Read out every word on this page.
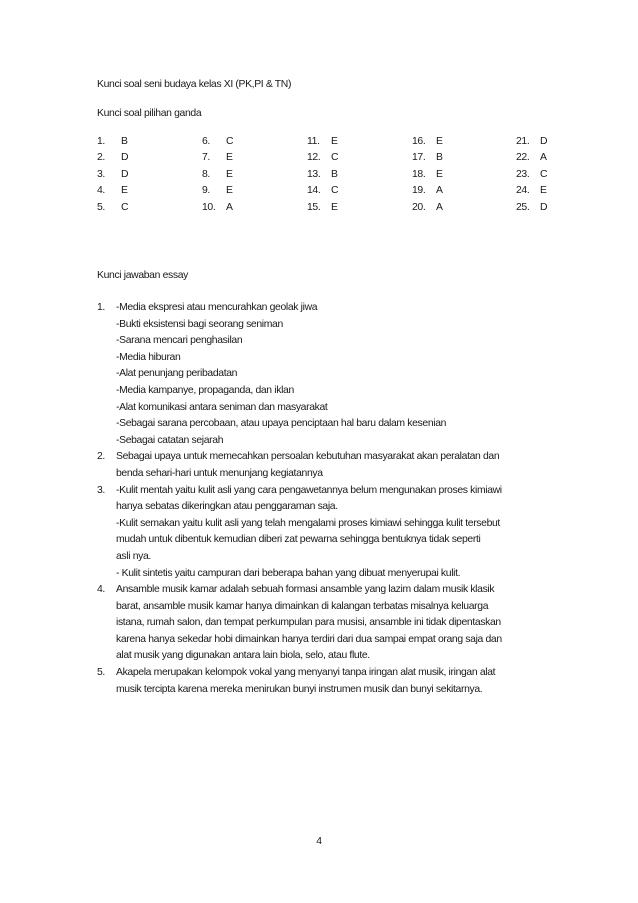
Kunci soal seni budaya kelas XI (PK,PI & TN)
Kunci soal pilihan ganda
1. B
2. D
3. D
4. E
5. C
6. C
7. E
8. E
9. E
10. A
11. E
12. C
13. B
14. C
15. E
16. E
17. B
18. E
19. A
20. A
21. D
22. A
23. C
24. E
25. D
Kunci jawaban essay
1. -Media ekspresi atau mencurahkan geolak jiwa
-Bukti eksistensi bagi seorang seniman
-Sarana mencari penghasilan
-Media hiburan
-Alat penunjang peribadatan
-Media kampanye, propaganda, dan iklan
-Alat komunikasi antara seniman dan masyarakat
-Sebagai sarana percobaan, atau upaya penciptaan hal baru dalam kesenian
-Sebagai catatan sejarah
2. Sebagai upaya untuk memecahkan persoalan kebutuhan masyarakat akan peralatan dan
benda sehari-hari untuk menunjang kegiatannya
3. -Kulit mentah yaitu kulit asli yang cara pengawetannya belum mengunakan proses kimiawi
hanya sebatas dikeringkan atau penggaraman saja.
-Kulit semakan yaitu kulit asli yang telah mengalami proses kimiawi sehingga kulit tersebut
mudah untuk dibentuk kemudian diberi zat pewarna sehingga bentuknya tidak seperti
asli nya.
- Kulit sintetis yaitu campuran dari beberapa bahan yang dibuat menyerupai kulit.
4. Ansamble musik kamar adalah sebuah formasi ansamble yang lazim dalam musik klasik
barat, ansamble musik kamar hanya dimainkan di kalangan terbatas misalnya keluarga
istana, rumah salon, dan tempat perkumpulan para musisi, ansamble ini tidak dipentaskan
karena hanya sekedar hobi dimainkan hanya terdiri dari dua sampai empat orang saja dan
alat musik yang digunakan antara lain biola, selo, atau flute.
5. Akapela merupakan kelompok vokal yang menyanyi tanpa iringan alat musik, iringan alat
musik tercipta karena mereka menirukan bunyi instrumen musik dan bunyi sekitarnya.
4
